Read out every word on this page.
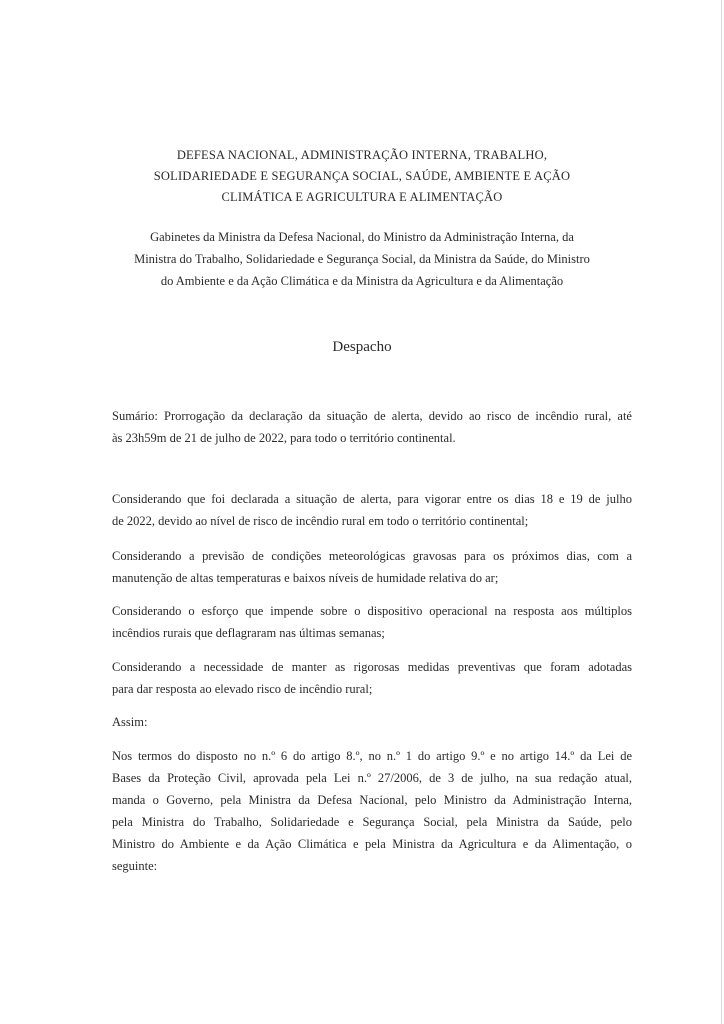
DEFESA NACIONAL, ADMINISTRAÇÃO INTERNA, TRABALHO,
SOLIDARIEDADE E SEGURANÇA SOCIAL, SAÚDE, AMBIENTE E AÇÃO
CLIMÁTICA E AGRICULTURA E ALIMENTAÇÃO
Gabinetes da Ministra da Defesa Nacional, do Ministro da Administração Interna, da
Ministra do Trabalho, Solidariedade e Segurança Social, da Ministra da Saúde, do Ministro
do Ambiente e da Ação Climática e da Ministra da Agricultura e da Alimentação
Despacho
Sumário: Prorrogação da declaração da situação de alerta, devido ao risco de incêndio rural, até
às 23h59m de 21 de julho de 2022, para todo o território continental.
Considerando que foi declarada a situação de alerta, para vigorar entre os dias 18 e 19 de julho
de 2022, devido ao nível de risco de incêndio rural em todo o território continental;
Considerando a previsão de condições meteorológicas gravosas para os próximos dias, com a
manutenção de altas temperaturas e baixos níveis de humidade relativa do ar;
Considerando o esforço que impende sobre o dispositivo operacional na resposta aos múltiplos
incêndios rurais que deflagraram nas últimas semanas;
Considerando a necessidade de manter as rigorosas medidas preventivas que foram adotadas
para dar resposta ao elevado risco de incêndio rural;
Assim:
Nos termos do disposto no n.º 6 do artigo 8.º, no n.º 1 do artigo 9.º e no artigo 14.º da Lei de
Bases da Proteção Civil, aprovada pela Lei n.º 27/2006, de 3 de julho, na sua redação atual,
manda o Governo, pela Ministra da Defesa Nacional, pelo Ministro da Administração Interna,
pela Ministra do Trabalho, Solidariedade e Segurança Social, pela Ministra da Saúde, pelo
Ministro do Ambiente e da Ação Climática e pela Ministra da Agricultura e da Alimentação, o
seguinte:
